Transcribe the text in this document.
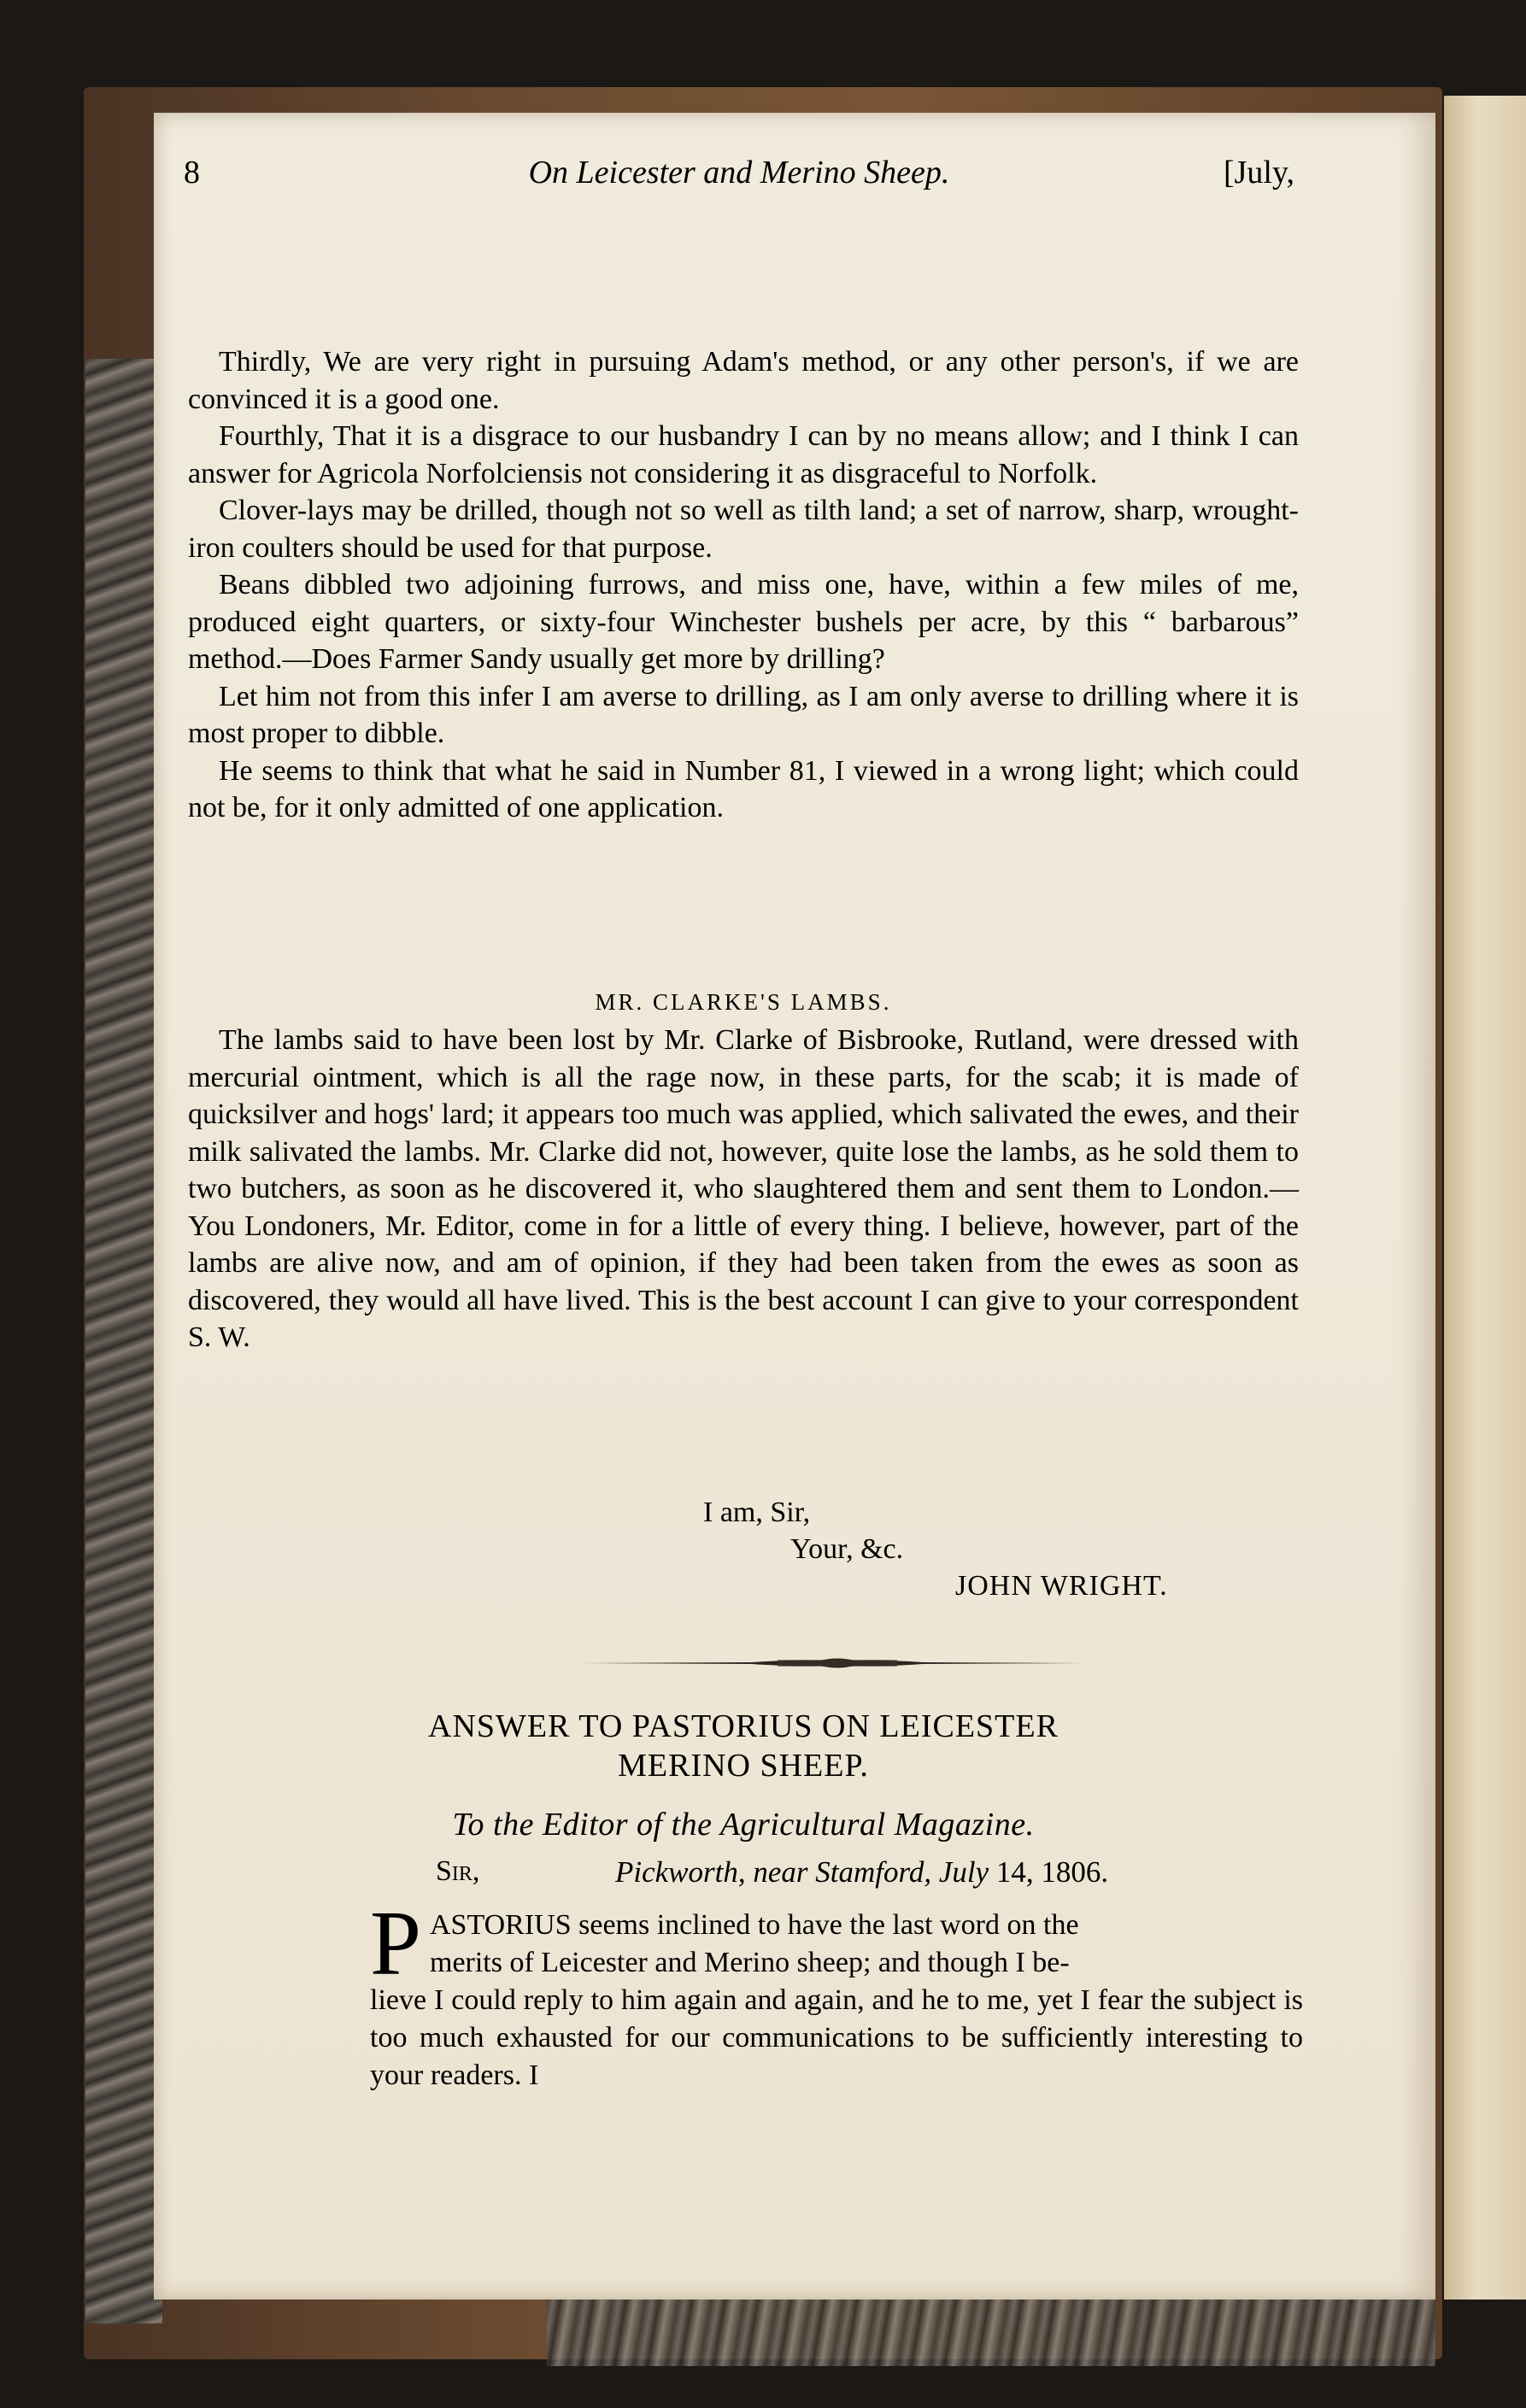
8	On Leicester and Merino Sheep.	[July,

Thirdly, We are very right in pursuing Adam's method, or any other person's, if we are convinced it is a good one.

Fourthly, That it is a disgrace to our husbandry I can by no means allow; and I think I can answer for Agricola Norfolciensis not considering it as disgraceful to Norfolk.

Clover-lays may be drilled, though not so well as tilth land; a set of narrow, sharp, wrought-iron coulters should be used for that purpose.

Beans dibbled two adjoining furrows, and miss one, have, within a few miles of me, produced eight quarters, or sixty-four Winchester bushels per acre, by this “ barbarous” method.—Does Farmer Sandy usually get more by drilling?

Let him not from this infer I am averse to drilling, as I am only averse to drilling where it is most proper to dibble.

He seems to think that what he said in Number 81, I viewed in a wrong light; which could not be, for it only admitted of one application.

MR. CLARKE'S LAMBS.

The lambs said to have been lost by Mr. Clarke of Bisbrooke, Rutland, were dressed with mercurial ointment, which is all the rage now, in these parts, for the scab; it is made of quicksilver and hogs' lard; it appears too much was applied, which salivated the ewes, and their milk salivated the lambs. Mr. Clarke did not, however, quite lose the lambs, as he sold them to two butchers, as soon as he discovered it, who slaughtered them and sent them to London.—You Londoners, Mr. Editor, come in for a little of every thing. I believe, however, part of the lambs are alive now, and am of opinion, if they had been taken from the ewes as soon as discovered, they would all have lived. This is the best account I can give to your correspondent S. W.

I am, Sir,
Your, &c.
JOHN WRIGHT.
ANSWER TO PASTORIUS ON LEICESTER
MERINO SHEEP.
To the Editor of the Agricultural Magazine.
Sir,	Pickworth, near Stamford, July 14, 1806.
P ASTORIUS seems inclined to have the last word on the
merits of Leicester and Merino sheep; and though I be-
lieve I could reply to him again and again, and he to me, yet I fear the subject is too much exhausted for our communications to be sufficiently interesting to your readers. I
